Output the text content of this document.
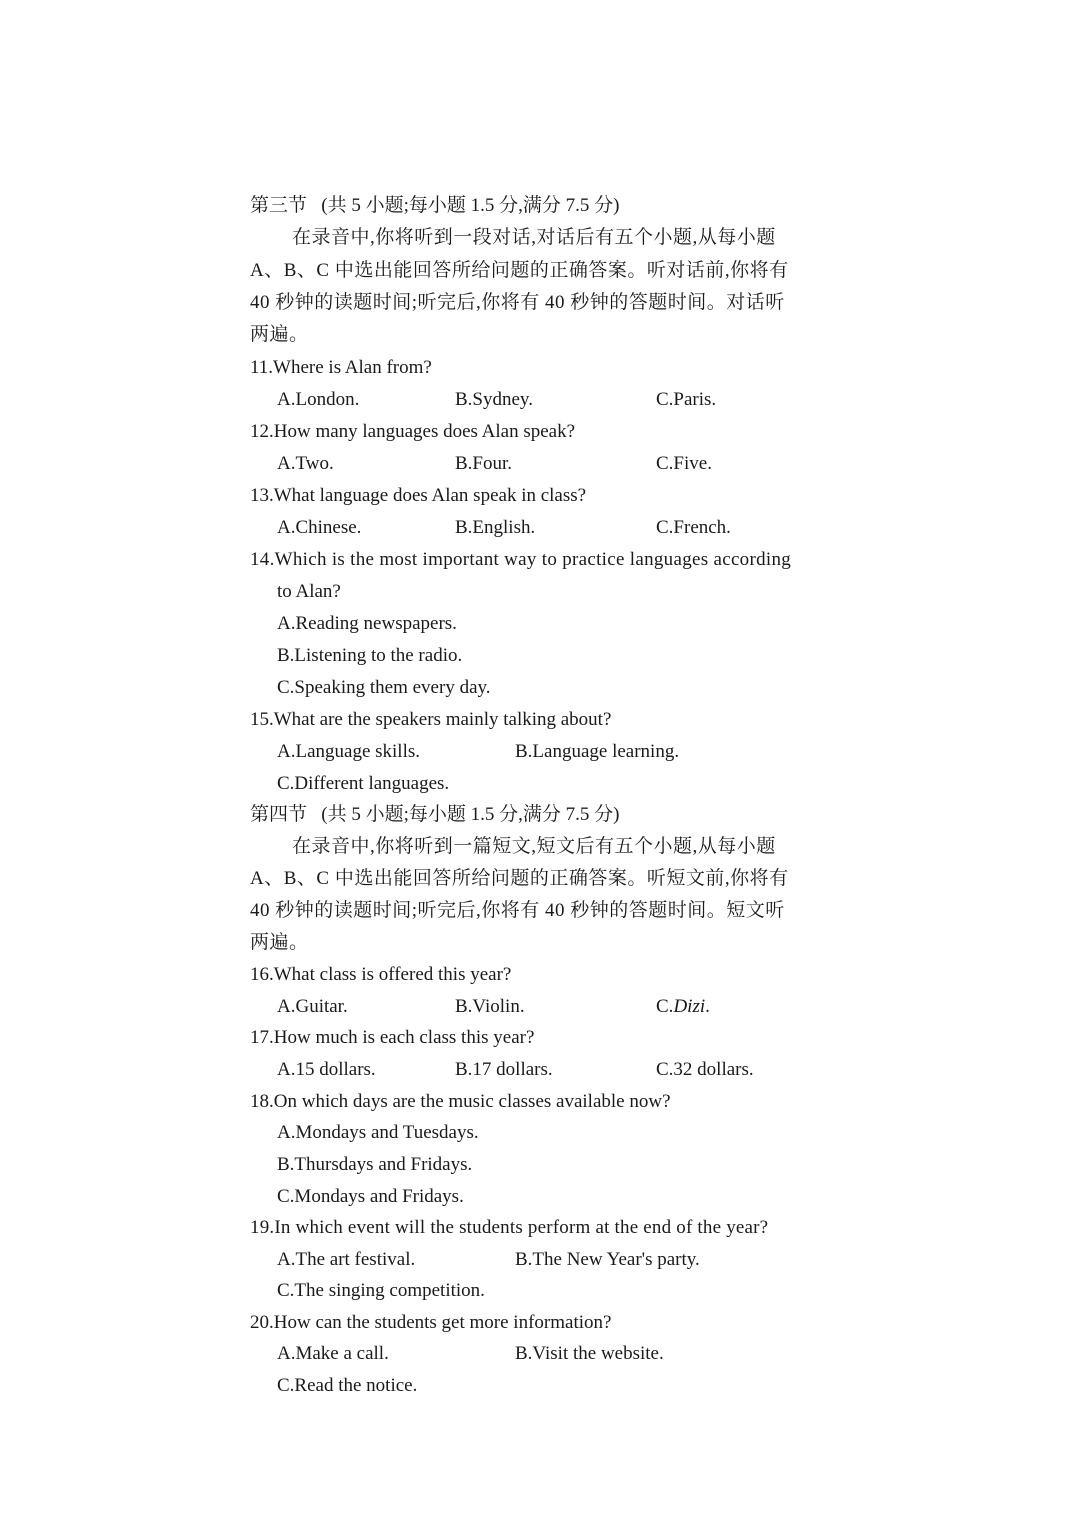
第三节 (共 5 小题;每小题 1.5 分,满分 7.5 分)
在录音中,你将听到一段对话,对话后有五个小题,从每小题
A、B、C 中选出能回答所给问题的正确答案。听对话前,你将有
40 秒钟的读题时间;听完后,你将有 40 秒钟的答题时间。对话听
两遍。
11.Where is Alan from?
A.London.	B.Sydney.	C.Paris.
12.How many languages does Alan speak?
A.Two.	B.Four.	C.Five.
13.What language does Alan speak in class?
A.Chinese.	B.English.	C.French.
14.Which is the most important way to practice languages according
to Alan?
A.Reading newspapers.
B.Listening to the radio.
C.Speaking them every day.
15.What are the speakers mainly talking about?
A.Language skills.	B.Language learning.
C.Different languages.
第四节 (共 5 小题;每小题 1.5 分,满分 7.5 分)
在录音中,你将听到一篇短文,短文后有五个小题,从每小题
A、B、C 中选出能回答所给问题的正确答案。听短文前,你将有
40 秒钟的读题时间;听完后,你将有 40 秒钟的答题时间。短文听
两遍。
16.What class is offered this year?
A.Guitar.	B.Violin.	C.Dizi.
17.How much is each class this year?
A.15 dollars.	B.17 dollars.	C.32 dollars.
18.On which days are the music classes available now?
A.Mondays and Tuesdays.
B.Thursdays and Fridays.
C.Mondays and Fridays.
19.In which event will the students perform at the end of the year?
A.The art festival.	B.The New Year's party.
C.The singing competition.
20.How can the students get more information?
A.Make a call.	B.Visit the website.
C.Read the notice.
